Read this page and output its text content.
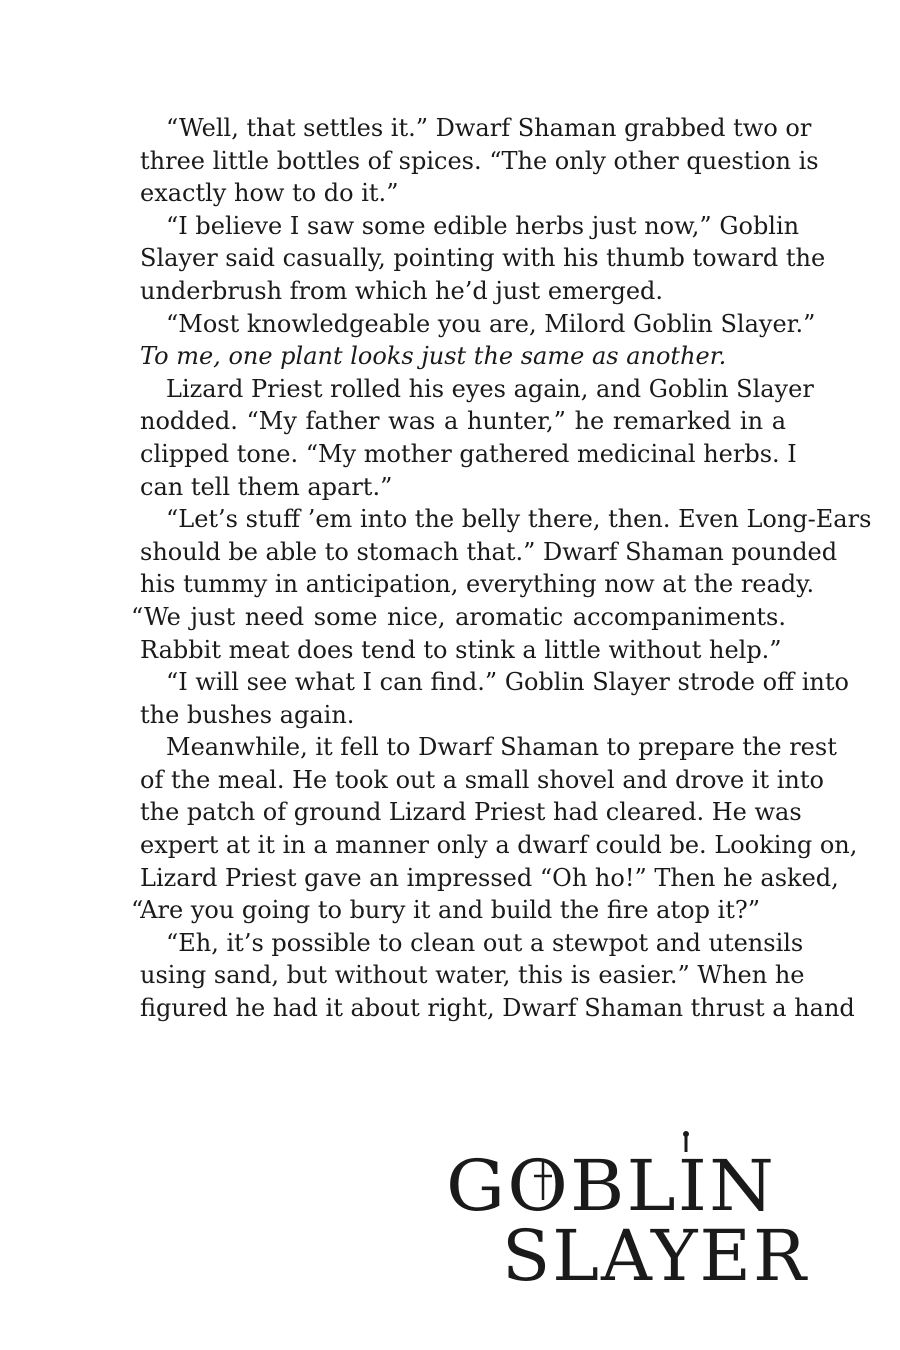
“Well, that settles it.” Dwarf Shaman grabbed two or
three little bottles of spices. “The only other question is
exactly how to do it.”
“I believe I saw some edible herbs just now,” Goblin
Slayer said casually, pointing with his thumb toward the
underbrush from which he’d just emerged.
“Most knowledgeable you are, Milord Goblin Slayer.”
To me, one plant looks just the same as another.
Lizard Priest rolled his eyes again, and Goblin Slayer
nodded. “My father was a hunter,” he remarked in a
clipped tone. “My mother gathered medicinal herbs. I
can tell them apart.”
“Let’s stuff ’em into the belly there, then. Even Long-Ears
should be able to stomach that.” Dwarf Shaman pounded
his tummy in anticipation, everything now at the ready.
“We just need some nice, aromatic accompaniments.
Rabbit meat does tend to stink a little without help.”
“I will see what I can find.” Goblin Slayer strode off into
the bushes again.
Meanwhile, it fell to Dwarf Shaman to prepare the rest
of the meal. He took out a small shovel and drove it into
the patch of ground Lizard Priest had cleared. He was
expert at it in a manner only a dwarf could be. Looking on,
Lizard Priest gave an impressed “Oh ho!” Then he asked,
“Are you going to bury it and build the fire atop it?”
“Eh, it’s possible to clean out a stewpot and utensils
using sand, but without water, this is easier.” When he
figured he had it about right, Dwarf Shaman thrust a hand
GOBLIN
SLAYER
